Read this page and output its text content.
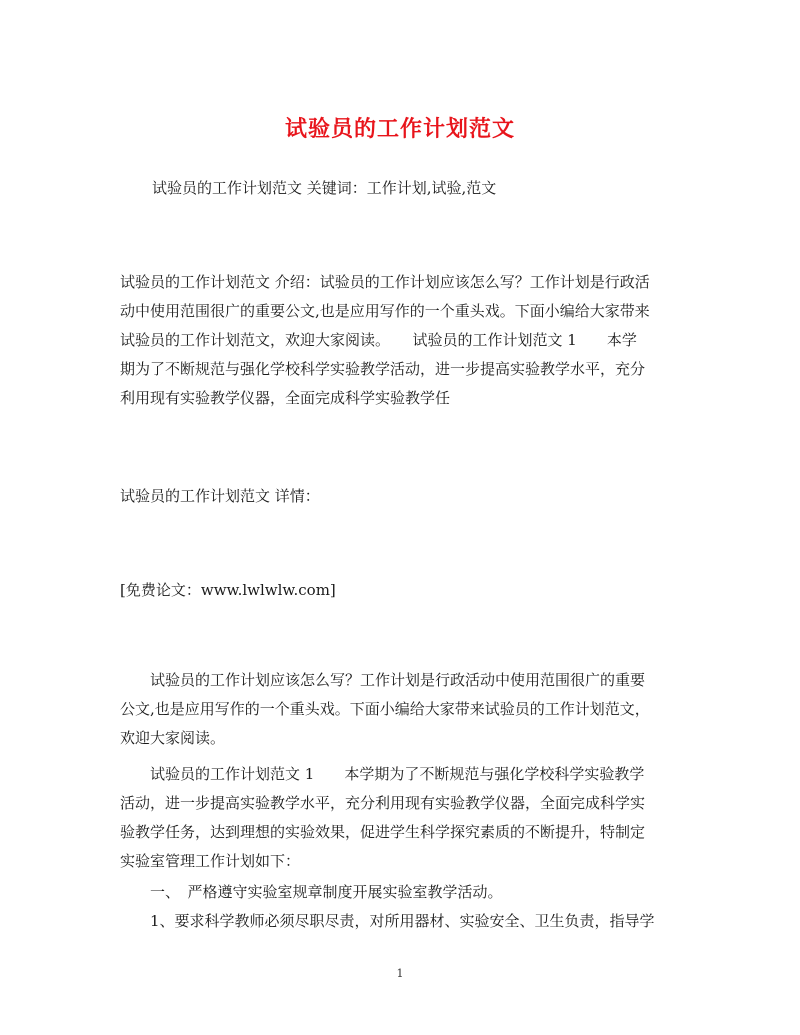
试验员的工作计划范文
试验员的工作计划范文 关键词：工作计划,试验,范文
试验员的工作计划范文 介绍：试验员的工作计划应该怎么写？工作计划是行政活
动中使用范围很广的重要公文,也是应用写作的一个重头戏。下面小编给大家带来
试验员的工作计划范文，欢迎大家阅读。　　试验员的工作计划范文 1　　本学
期为了不断规范与强化学校科学实验教学活动，进一步提高实验教学水平，充分
利用现有实验教学仪器，全面完成科学实验教学任
试验员的工作计划范文 详情：
[免费论文：www.lwlwlw.com]
　　试验员的工作计划应该怎么写？工作计划是行政活动中使用范围很广的重要
公文,也是应用写作的一个重头戏。下面小编给大家带来试验员的工作计划范文，
欢迎大家阅读。
　　试验员的工作计划范文 1　　本学期为了不断规范与强化学校科学实验教学
活动，进一步提高实验教学水平，充分利用现有实验教学仪器，全面完成科学实
验教学任务，达到理想的实验效果，促进学生科学探究素质的不断提升，特制定
实验室管理工作计划如下：
　　一、　严格遵守实验室规章制度开展实验室教学活动。
　　1、要求科学教师必须尽职尽责，对所用器材、实验安全、卫生负责，指导学
1
